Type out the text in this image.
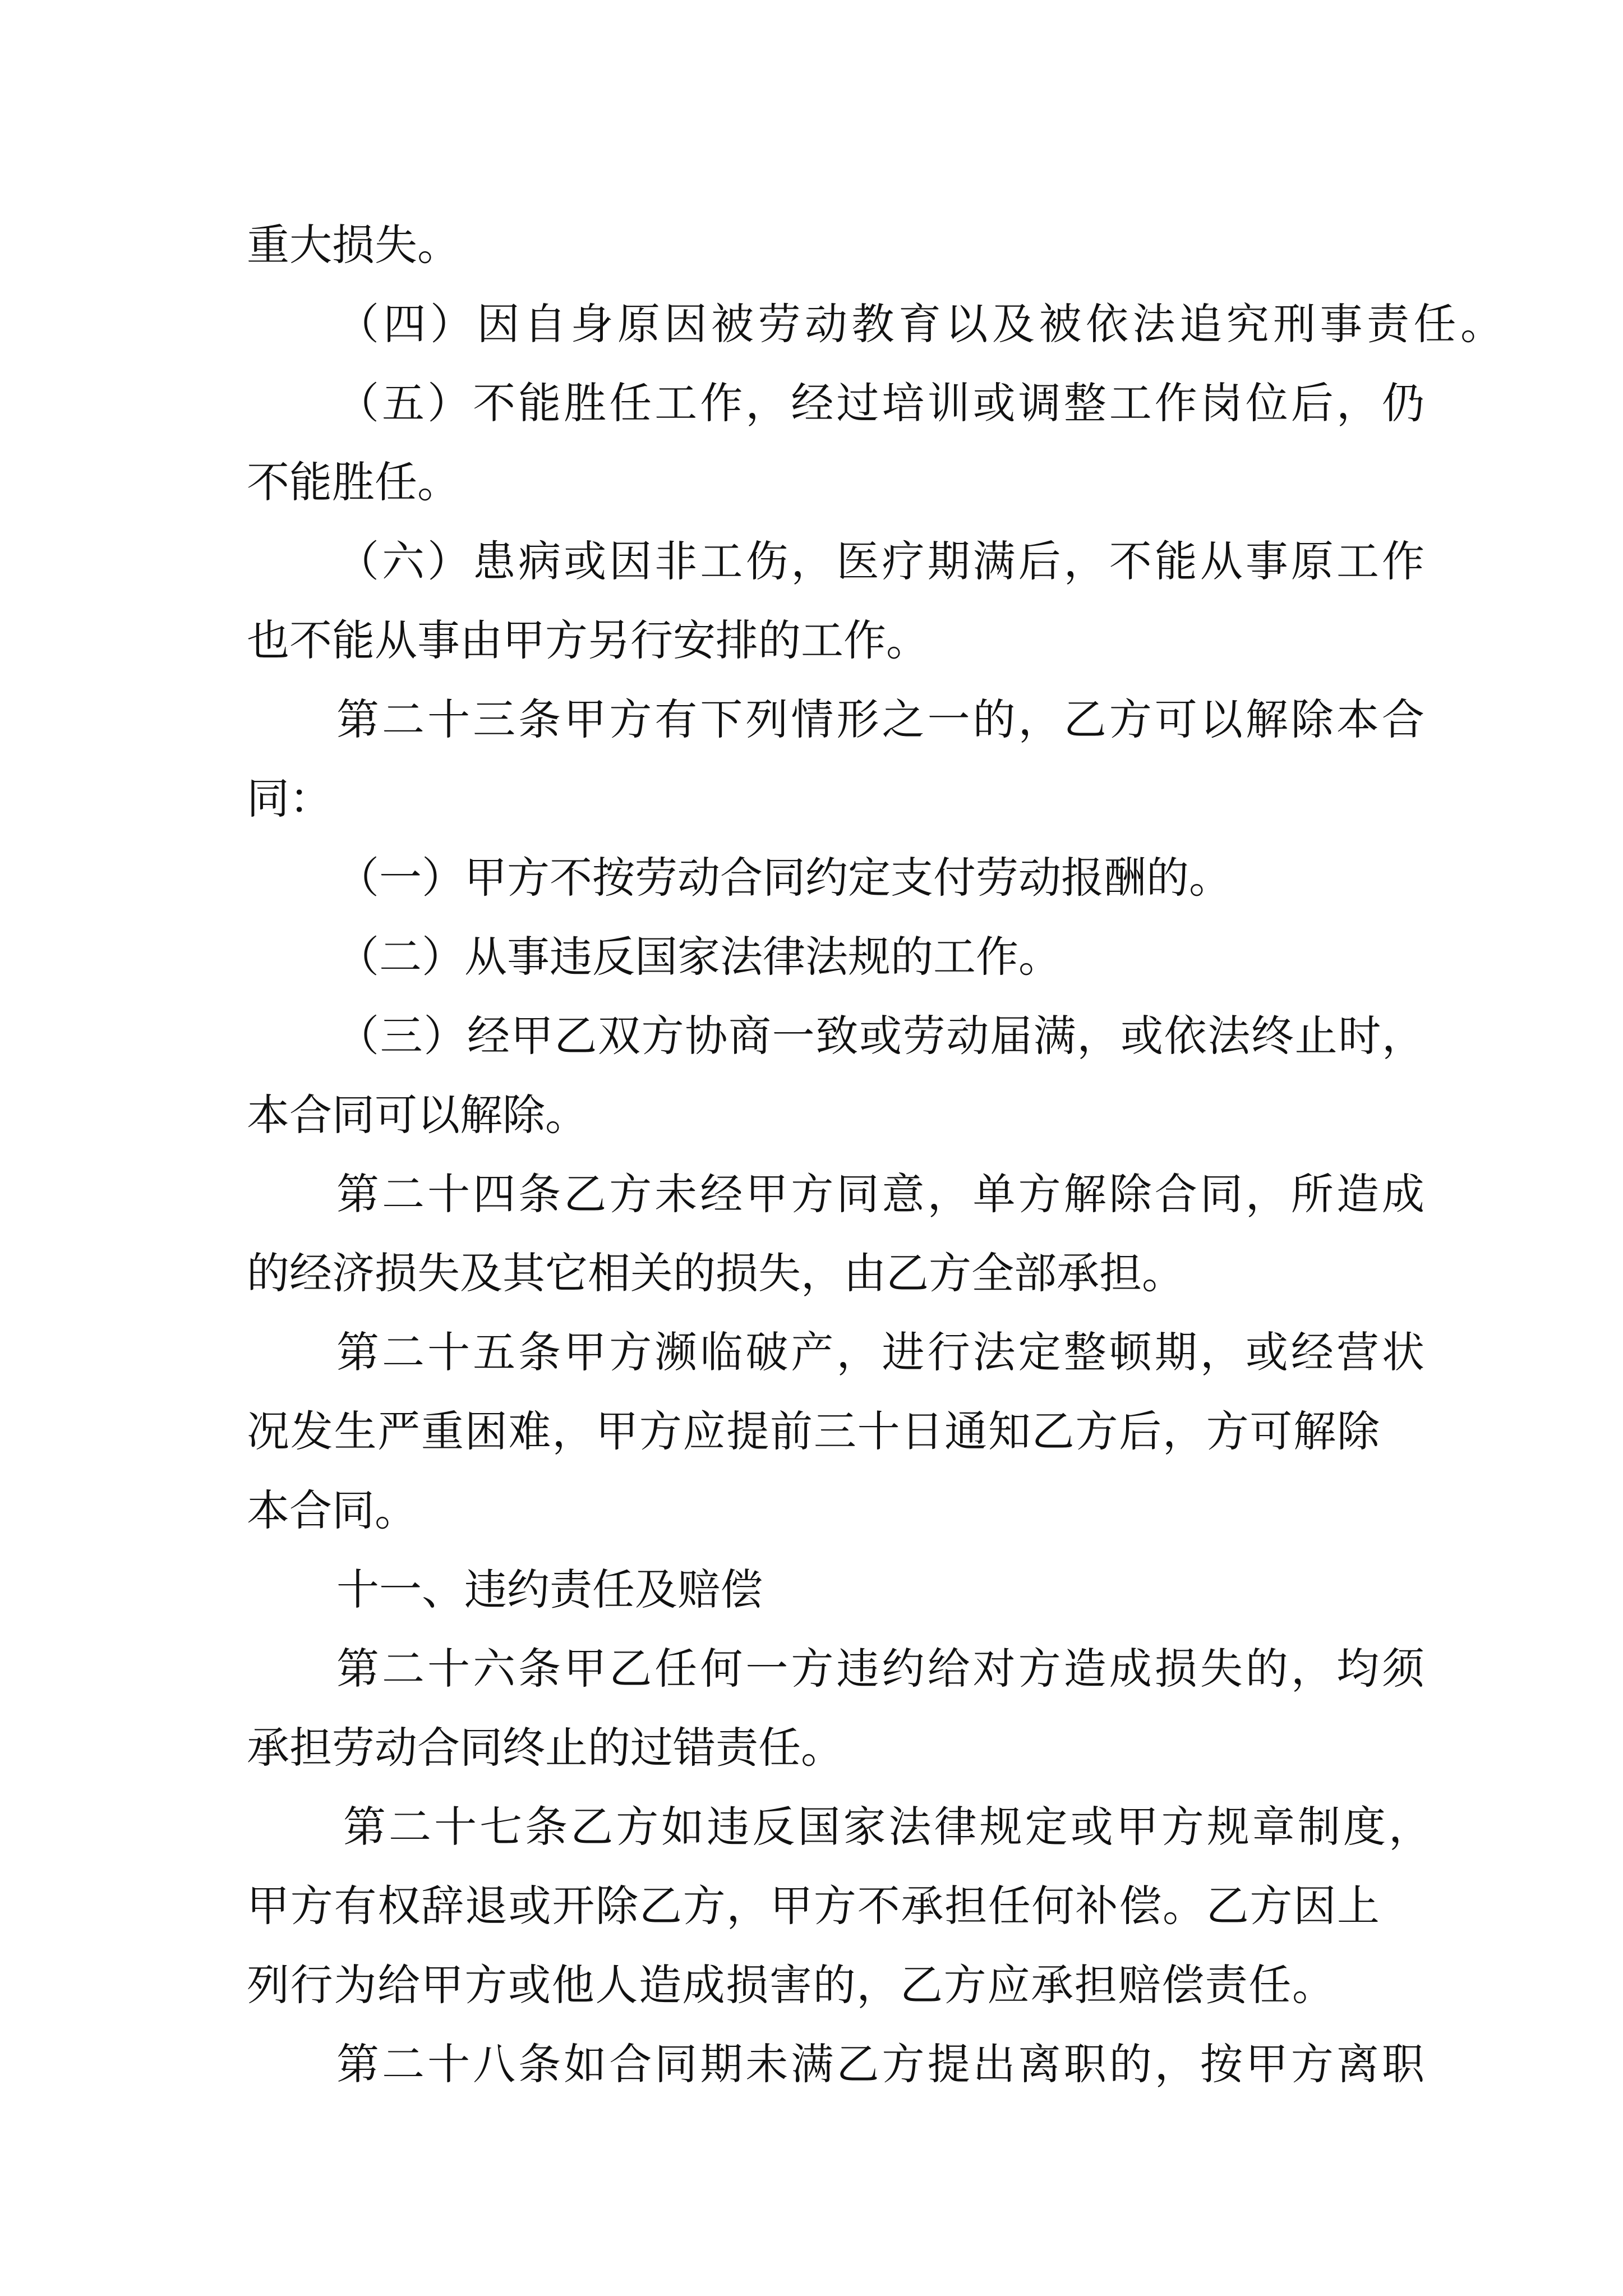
重大损失。
（四）因自身原因被劳动教育以及被依法追究刑事责任。
（五）不能胜任工作，经过培训或调整工作岗位后，仍
不能胜任。
（六）患病或因非工伤，医疗期满后，不能从事原工作
也不能从事由甲方另行安排的工作。
第二十三条甲方有下列情形之一的，乙方可以解除本合
同：
（一）甲方不按劳动合同约定支付劳动报酬的。
（二）从事违反国家法律法规的工作。
（三）经甲乙双方协商一致或劳动届满，或依法终止时，
本合同可以解除。
第二十四条乙方未经甲方同意，单方解除合同，所造成
的经济损失及其它相关的损失，由乙方全部承担。
第二十五条甲方濒临破产，进行法定整顿期，或经营状
况发生严重困难，甲方应提前三十日通知乙方后，方可解除
本合同。
十一、违约责任及赔偿
第二十六条甲乙任何一方违约给对方造成损失的，均须
承担劳动合同终止的过错责任。
第二十七条乙方如违反国家法律规定或甲方规章制度，
甲方有权辞退或开除乙方，甲方不承担任何补偿。乙方因上
列行为给甲方或他人造成损害的，乙方应承担赔偿责任。
第二十八条如合同期未满乙方提出离职的，按甲方离职
